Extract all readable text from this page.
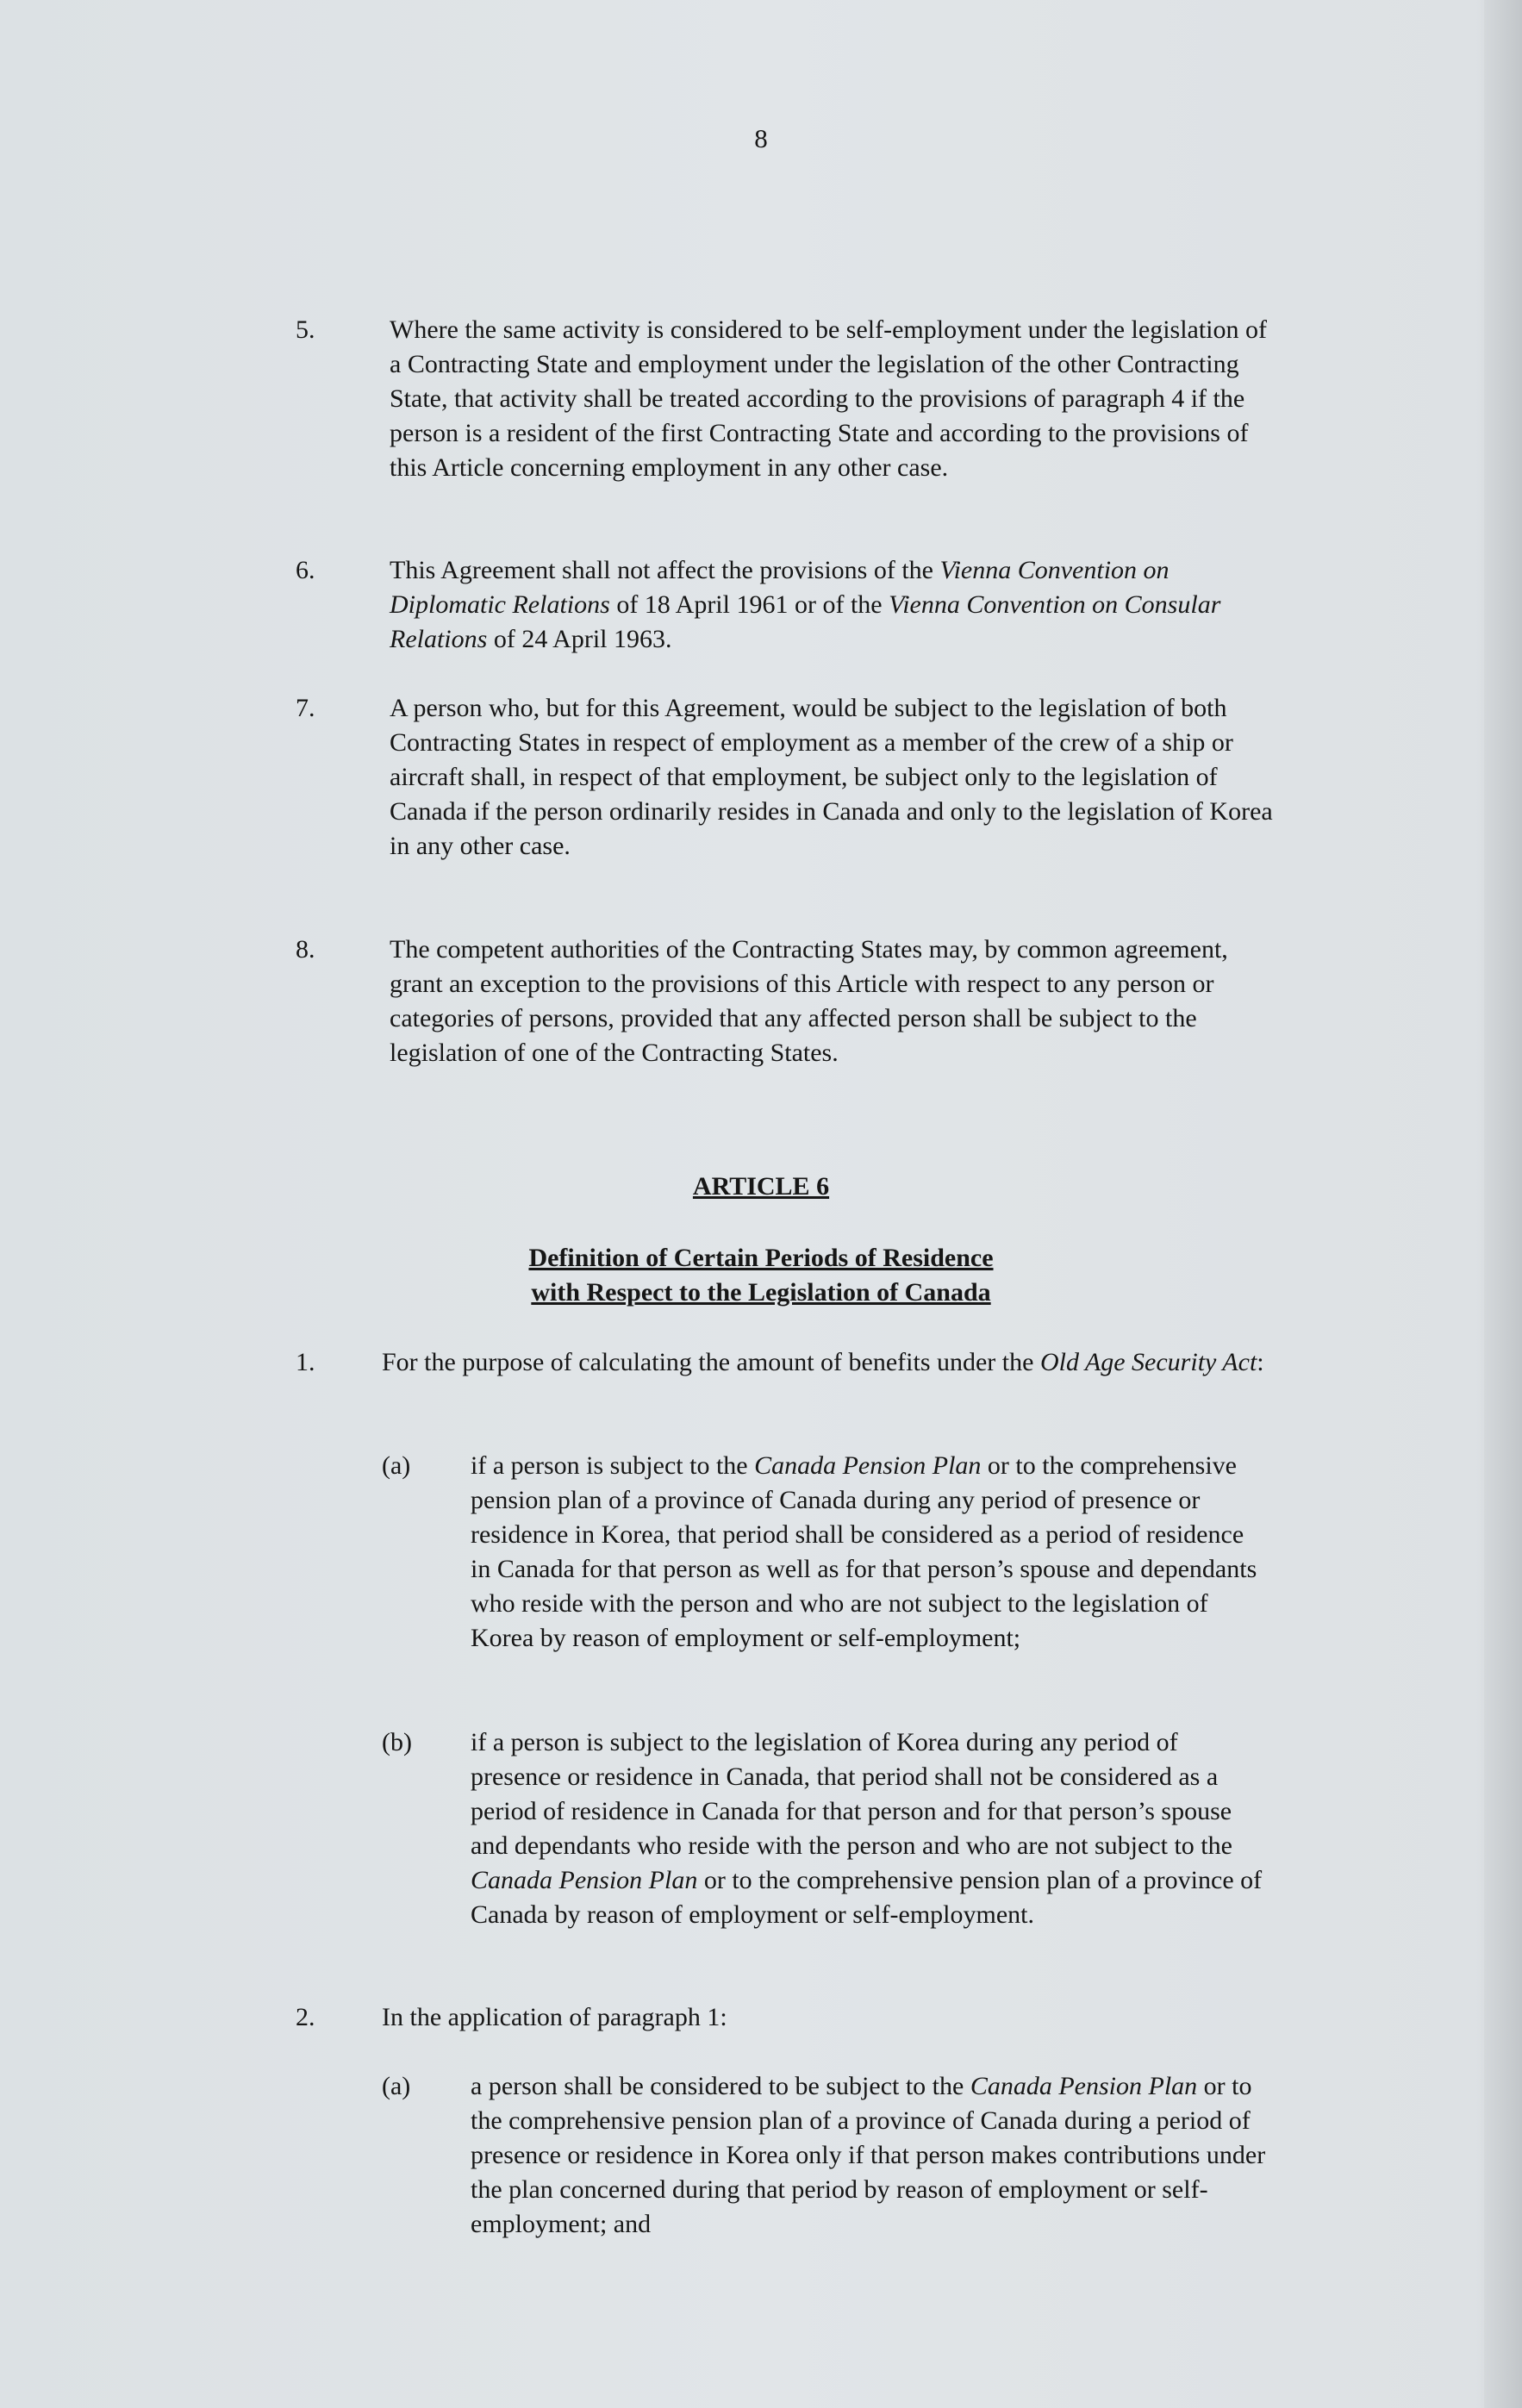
8
5.	Where the same activity is considered to be self-employment under the legislation of a Contracting State and employment under the legislation of the other Contracting State, that activity shall be treated according to the provisions of paragraph 4 if the person is a resident of the first Contracting State and according to the provisions of this Article concerning employment in any other case.
6.	This Agreement shall not affect the provisions of the Vienna Convention on Diplomatic Relations of 18 April 1961 or of the Vienna Convention on Consular Relations of 24 April 1963.
7.	A person who, but for this Agreement, would be subject to the legislation of both Contracting States in respect of employment as a member of the crew of a ship or aircraft shall, in respect of that employment, be subject only to the legislation of Canada if the person ordinarily resides in Canada and only to the legislation of Korea in any other case.
8.	The competent authorities of the Contracting States may, by common agreement, grant an exception to the provisions of this Article with respect to any person or categories of persons, provided that any affected person shall be subject to the legislation of one of the Contracting States.
ARTICLE 6
Definition of Certain Periods of Residence
with Respect to the Legislation of Canada
1.	For the purpose of calculating the amount of benefits under the Old Age Security Act:
(a) if a person is subject to the Canada Pension Plan or to the comprehensive pension plan of a province of Canada during any period of presence or residence in Korea, that period shall be considered as a period of residence in Canada for that person as well as for that person’s spouse and dependants who reside with the person and who are not subject to the legislation of Korea by reason of employment or self-employment;
(b) if a person is subject to the legislation of Korea during any period of presence or residence in Canada, that period shall not be considered as a period of residence in Canada for that person and for that person’s spouse and dependants who reside with the person and who are not subject to the Canada Pension Plan or to the comprehensive pension plan of a province of Canada by reason of employment or self-employment.
2.	In the application of paragraph 1:
(a) a person shall be considered to be subject to the Canada Pension Plan or to the comprehensive pension plan of a province of Canada during a period of presence or residence in Korea only if that person makes contributions under the plan concerned during that period by reason of employment or self-employment; and
